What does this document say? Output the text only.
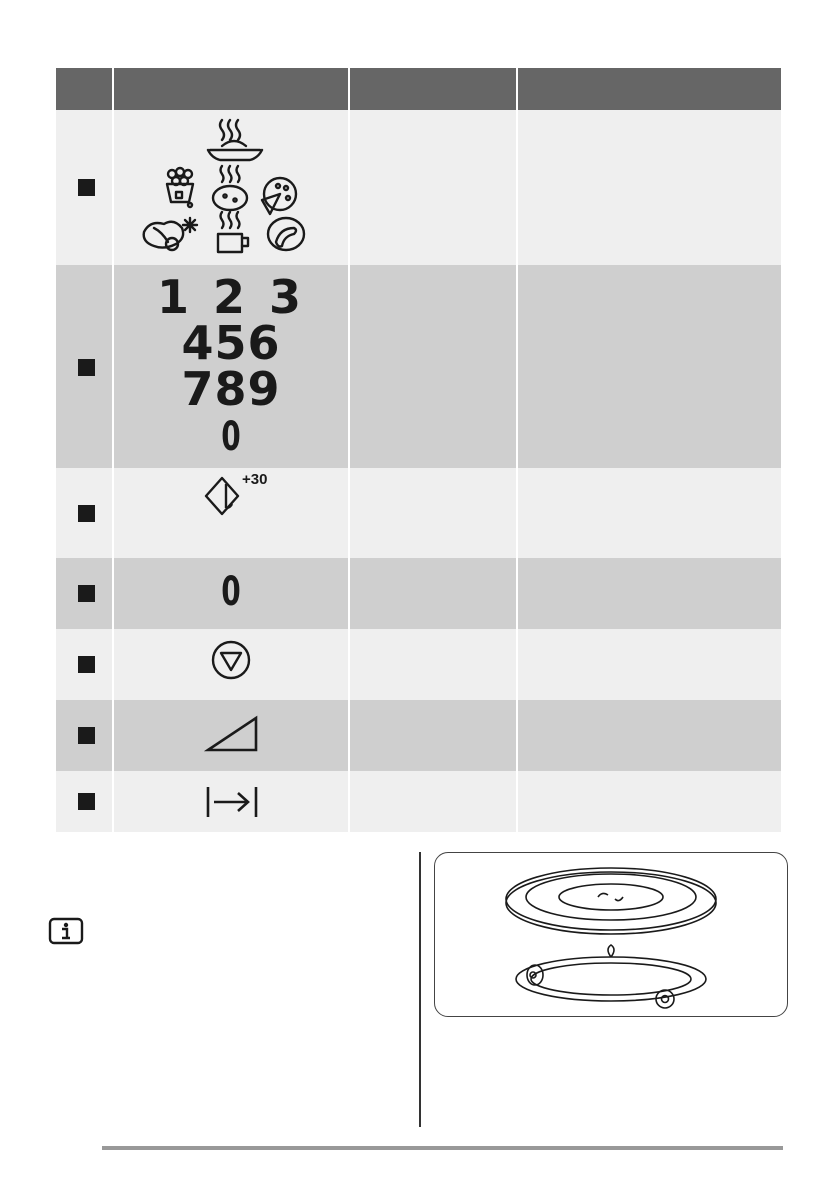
1 2 3
456
789
0
+30
0
